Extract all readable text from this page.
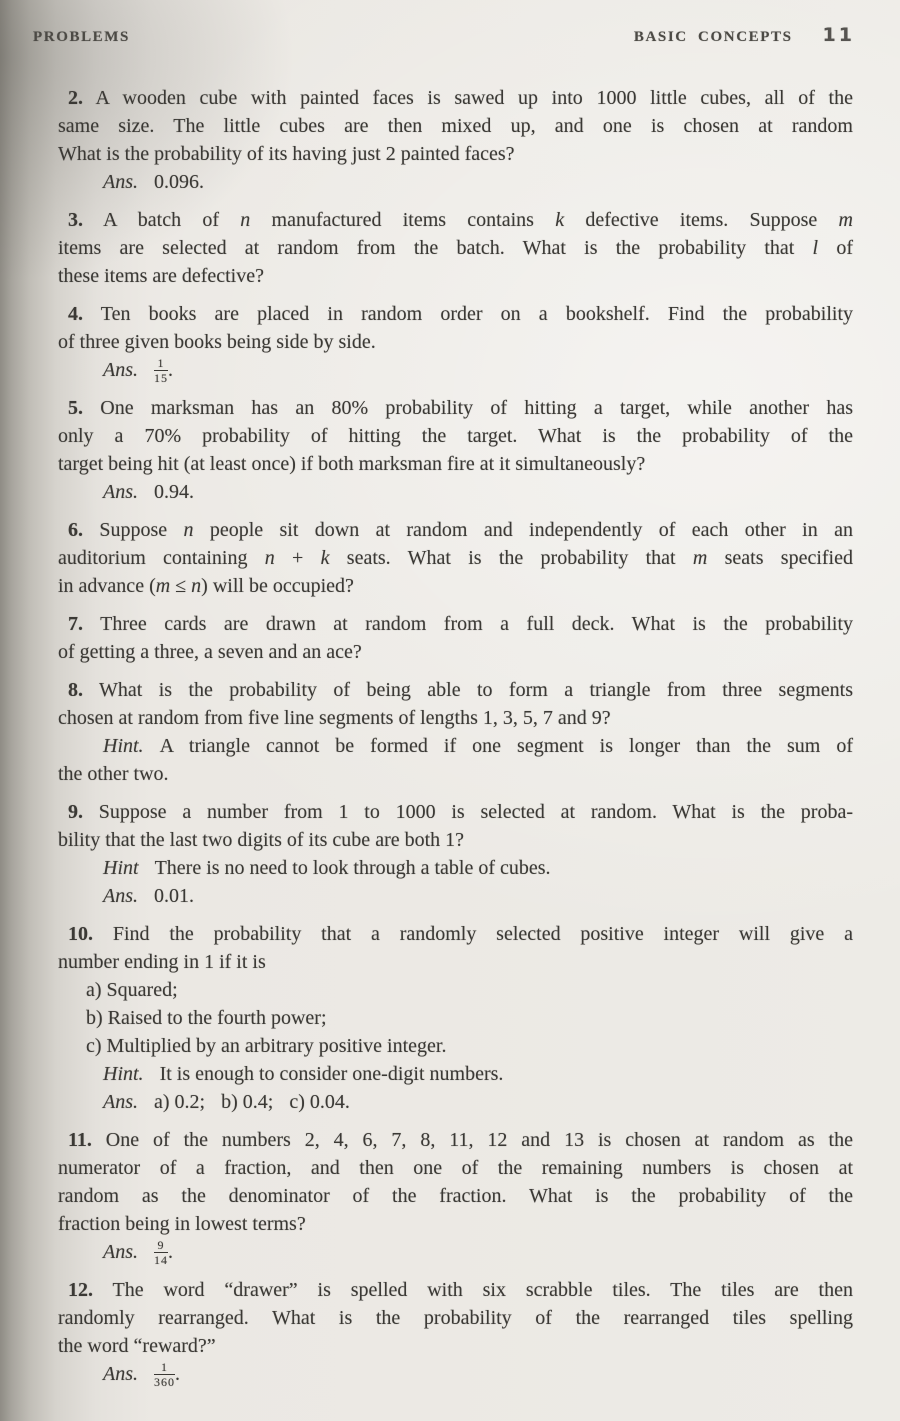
PROBLEMS	BASIC CONCEPTS 11
2. A wooden cube with painted faces is sawed up into 1000 little cubes, all of the
same size. The little cubes are then mixed up, and one is chosen at random
What is the probability of its having just 2 painted faces?
Ans. 0.096.
3. A batch of n manufactured items contains k defective items. Suppose m
items are selected at random from the batch. What is the probability that l of
these items are defective?
4. Ten books are placed in random order on a bookshelf. Find the probability
of three given books being side by side.
Ans. $\frac{1}{15}$ .
5. One marksman has an 80% probability of hitting a target, while another has
only a 70% probability of hitting the target. What is the probability of the
target being hit (at least once) if both marksman fire at it simultaneously?
Ans. 0.94.
6. Suppose n people sit down at random and independently of each other in an
auditorium containing n + k seats. What is the probability that m seats specified
in advance (m ≤ n) will be occupied?
7. Three cards are drawn at random from a full deck. What is the probability
of getting a three, a seven and an ace?
8. What is the probability of being able to form a triangle from three segments
chosen at random from five line segments of lengths 1, 3, 5, 7 and 9?
Hint. A triangle cannot be formed if one segment is longer than the sum of
the other two.
9. Suppose a number from 1 to 1000 is selected at random. What is the proba-
bility that the last two digits of its cube are both 1?
Hint There is no need to look through a table of cubes.
Ans. 0.01.
10. Find the probability that a randomly selected positive integer will give a
number ending in 1 if it is
a) Squared;
b) Raised to the fourth power;
c) Multiplied by an arbitrary positive integer.
Hint. It is enough to consider one-digit numbers.
Ans. a) 0.2; b) 0.4; c) 0.04.
11. One of the numbers 2, 4, 6, 7, 8, 11, 12 and 13 is chosen at random as the
numerator of a fraction, and then one of the remaining numbers is chosen at
random as the denominator of the fraction. What is the probability of the
fraction being in lowest terms?
Ans. $\frac{9}{14}$ .
12. The word “drawer” is spelled with six scrabble tiles. The tiles are then
randomly rearranged. What is the probability of the rearranged tiles spelling
the word “reward?”
Ans. $\frac{1}{360}$ .
